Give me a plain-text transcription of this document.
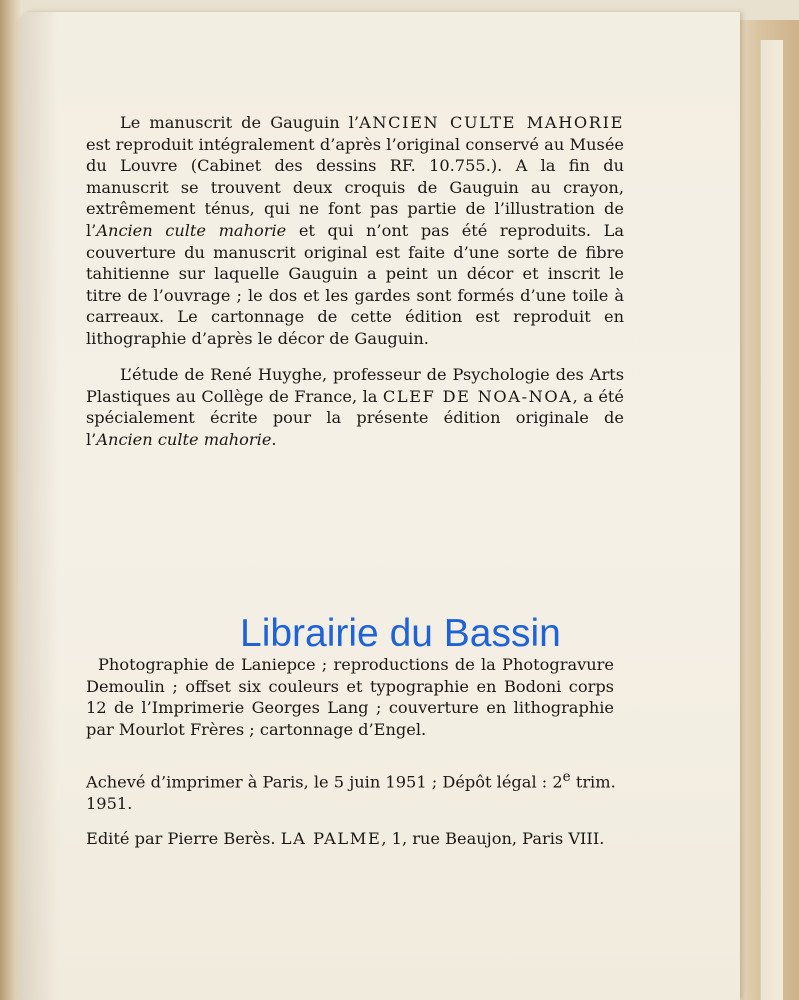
Le manuscrit de Gauguin l’ANCIEN CULTE MAHORIE est reproduit intégralement d’après l’original conservé au Musée du Louvre (Cabinet des dessins RF. 10.755.). A la fin du manuscrit se trouvent deux croquis de Gauguin au crayon, extrêmement ténus, qui ne font pas partie de l’illustration de l’Ancien culte mahorie et qui n’ont pas été reproduits. La couverture du manuscrit original est faite d’une sorte de fibre tahitienne sur laquelle Gauguin a peint un décor et inscrit le titre de l’ouvrage ; le dos et les gardes sont formés d’une toile à carreaux. Le cartonnage de cette édition est reproduit en lithographie d’après le décor de Gauguin.
L’étude de René Huyghe, professeur de Psychologie des Arts Plastiques au Collège de France, la CLEF DE NOA-NOA, a été spécialement écrite pour la présente édition originale de l’Ancien culte mahorie.
Librairie du Bassin
Photographie de Laniepce ; reproductions de la Photogravure Demoulin ; offset six couleurs et typographie en Bodoni corps 12 de l’Imprimerie Georges Lang ; couverture en lithographie par Mourlot Frères ; cartonnage d’Engel.
Achevé d’imprimer à Paris, le 5 juin 1951 ; Dépôt légal : 2e trim. 1951.
Edité par Pierre Berès. LA PALME, 1, rue Beaujon, Paris VIII.
